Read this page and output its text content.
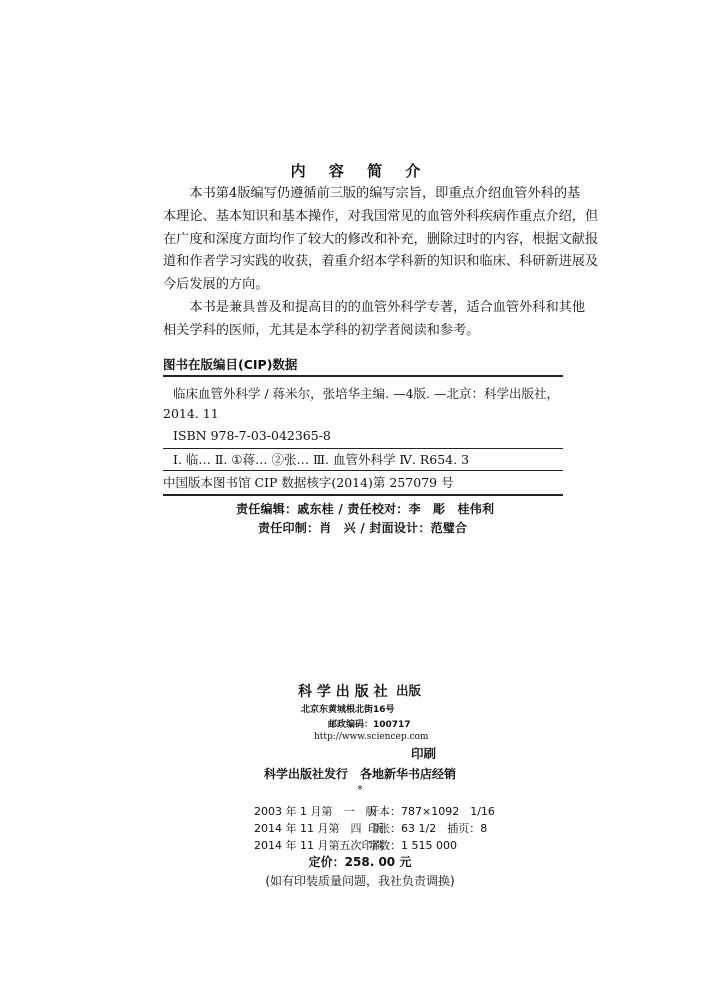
内 容 简 介

本书第4版编写仍遵循前三版的编写宗旨，即重点介绍血管外科的基
本理论、基本知识和基本操作，对我国常见的血管外科疾病作重点介绍，但
在广度和深度方面均作了较大的修改和补充，删除过时的内容，根据文献报
道和作者学习实践的收获，着重介绍本学科新的知识和临床、科研新进展及
今后发展的方向。

本书是兼具普及和提高目的的血管外科学专著，适合血管外科和其他
相关学科的医师，尤其是本学科的初学者阅读和参考。

图书在版编目(CIP)数据
临床血管外科学 / 蒋米尔，张培华主编. —4版. —北京：科学出版社，
2014. 11
ISBN 978-7-03-042365-8
Ⅰ. 临… Ⅱ. ①蒋… ②张… Ⅲ. 血管外科学 Ⅳ. R654. 3
中国版本图书馆 CIP 数据核字(2014)第 257079 号
责任编辑：戚东桂 / 责任校对：李　彫　桂伟利
责任印制：肖　兴 / 封面设计：范璧合
科学出版社 出版
北京东黄城根北街16号
邮政编码：100717
http://www.sciencep.com
印刷
科学出版社发行　各地新华书店经销
*
2003 年 1 月第　一　版开本：787×1092　1/16
2014 年 11 月第　四　版印张：63 1/2　插页：8
2014 年 11 月第五次印刷字数：1 515 000
定价：258. 00 元
(如有印装质量问题，我社负责调换)
